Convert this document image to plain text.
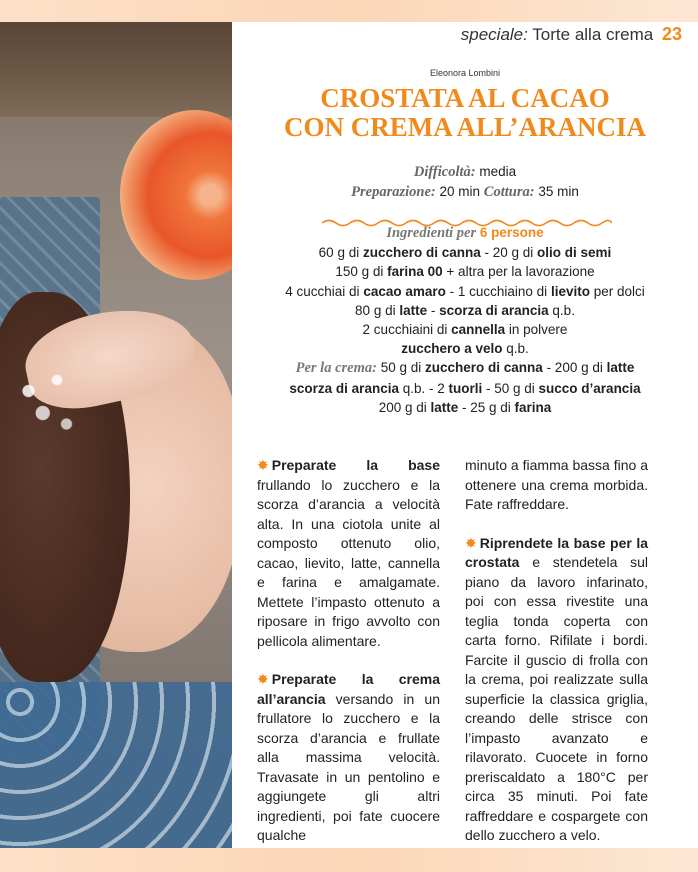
speciale: Torte alla crema 23
Eleonora Lombini
CROSTATA AL CACAO
CON CREMA ALL’ARANCIA
Difficoltà: media
Preparazione: 20 min Cottura: 35 min
Ingredienti per 6 persone
60 g di zucchero di canna - 20 g di olio di semi
150 g di farina 00 + altra per la lavorazione
4 cucchiai di cacao amaro - 1 cucchiaino di lievito per dolci
80 g di latte - scorza di arancia q.b.
2 cucchiaini di cannella in polvere
zucchero a velo q.b.
Per la crema: 50 g di zucchero di canna - 200 g di latte
scorza di arancia q.b. - 2 tuorli - 50 g di succo d’arancia
200 g di latte - 25 g di farina

✸ Preparate la base frullando lo zucchero e la scorza d’arancia a velocità alta. In una ciotola unite al composto ottenuto olio, cacao, lievito, latte, cannella e farina e amalgamate. Mettete l’impasto ottenuto a riposare in frigo avvolto con pellicola alimentare.

✸ Preparate la crema all’arancia versando in un frullatore lo zucchero e la scorza d’arancia e frullate alla massima velocità. Travasate in un pentolino e aggiungete gli altri ingredienti, poi fate cuocere qualche

minuto a fiamma bassa fino a ottenere una crema morbida. Fate raffreddare.

✸ Riprendete la base per la crostata e stendetela sul piano da lavoro infarinato, poi con essa rivestite una teglia tonda coperta con carta forno. Rifilate i bordi. Farcite il guscio di frolla con la crema, poi realizzate sulla superficie la classica griglia, creando delle strisce con l’impasto avanzato e rilavorato. Cuocete in forno preriscaldato a 180°C per circa 35 minuti. Poi fate raffreddare e cospargete con dello zucchero a velo.
